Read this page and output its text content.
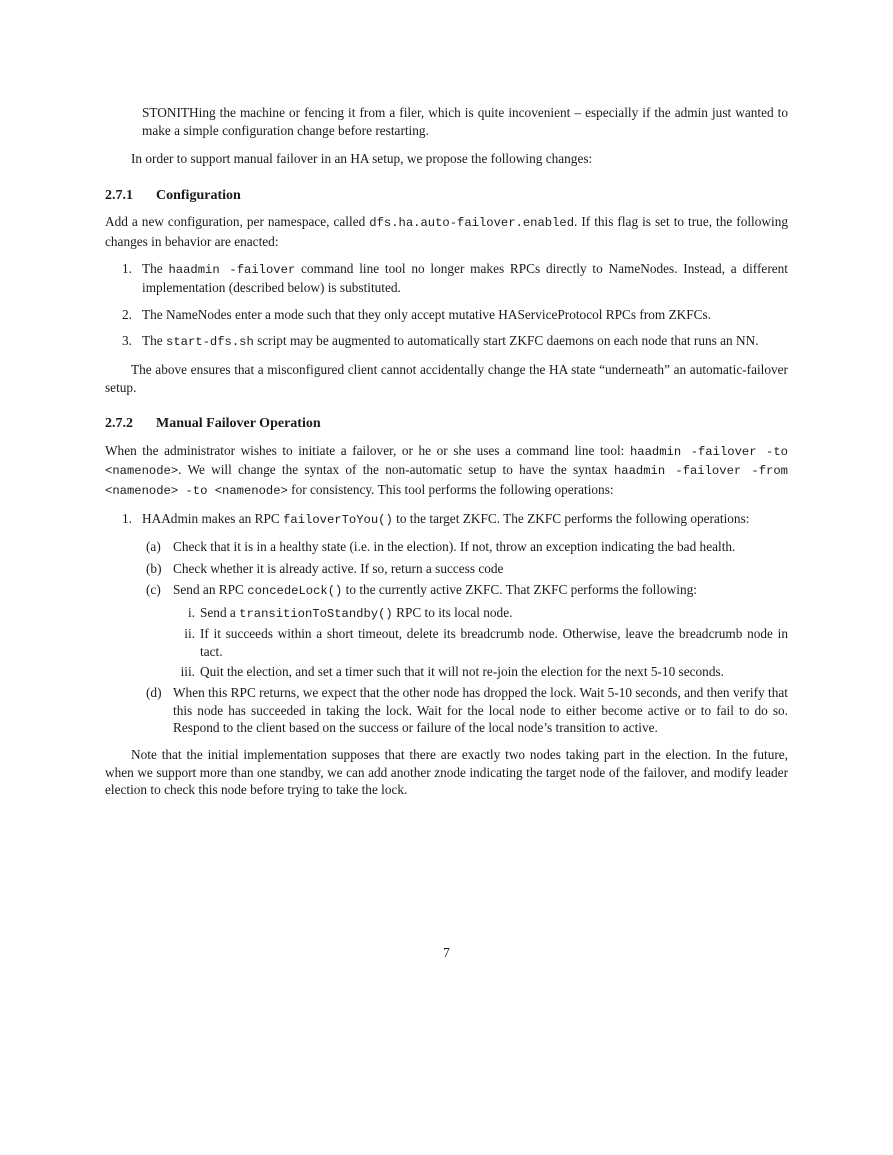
STONITHing the machine or fencing it from a filer, which is quite incovenient – especially if the admin just wanted to make a simple configuration change before restarting.

In order to support manual failover in an HA setup, we propose the following changes:

2.7.1 Configuration

Add a new configuration, per namespace, called dfs.ha.auto-failover.enabled. If this flag is set to true, the following changes in behavior are enacted:

1. The haadmin -failover command line tool no longer makes RPCs directly to NameNodes. Instead, a different implementation (described below) is substituted.
2. The NameNodes enter a mode such that they only accept mutative HAServiceProtocol RPCs from ZKFCs.
3. The start-dfs.sh script may be augmented to automatically start ZKFC daemons on each node that runs an NN.

The above ensures that a misconfigured client cannot accidentally change the HA state “underneath” an automatic-failover setup.

2.7.2 Manual Failover Operation

When the administrator wishes to initiate a failover, or he or she uses a command line tool: haadmin -failover -to <namenode>. We will change the syntax of the non-automatic setup to have the syntax haadmin -failover -from <namenode> -to <namenode> for consistency. This tool performs the following operations:

1. HAAdmin makes an RPC failoverToYou() to the target ZKFC. The ZKFC performs the following operations:
(a) Check that it is in a healthy state (i.e. in the election). If not, throw an exception indicating the bad health.
(b) Check whether it is already active. If so, return a success code
(c) Send an RPC concedeLock() to the currently active ZKFC. That ZKFC performs the following:
i. Send a transitionToStandby() RPC to its local node.
ii. If it succeeds within a short timeout, delete its breadcrumb node. Otherwise, leave the breadcrumb node in tact.
iii. Quit the election, and set a timer such that it will not re-join the election for the next 5-10 seconds.
(d) When this RPC returns, we expect that the other node has dropped the lock. Wait 5-10 seconds, and then verify that this node has succeeded in taking the lock. Wait for the local node to either become active or to fail to do so. Respond to the client based on the success or failure of the local node’s transition to active.

Note that the initial implementation supposes that there are exactly two nodes taking part in the election. In the future, when we support more than one standby, we can add another znode indicating the target node of the failover, and modify leader election to check this node before trying to take the lock.

7
